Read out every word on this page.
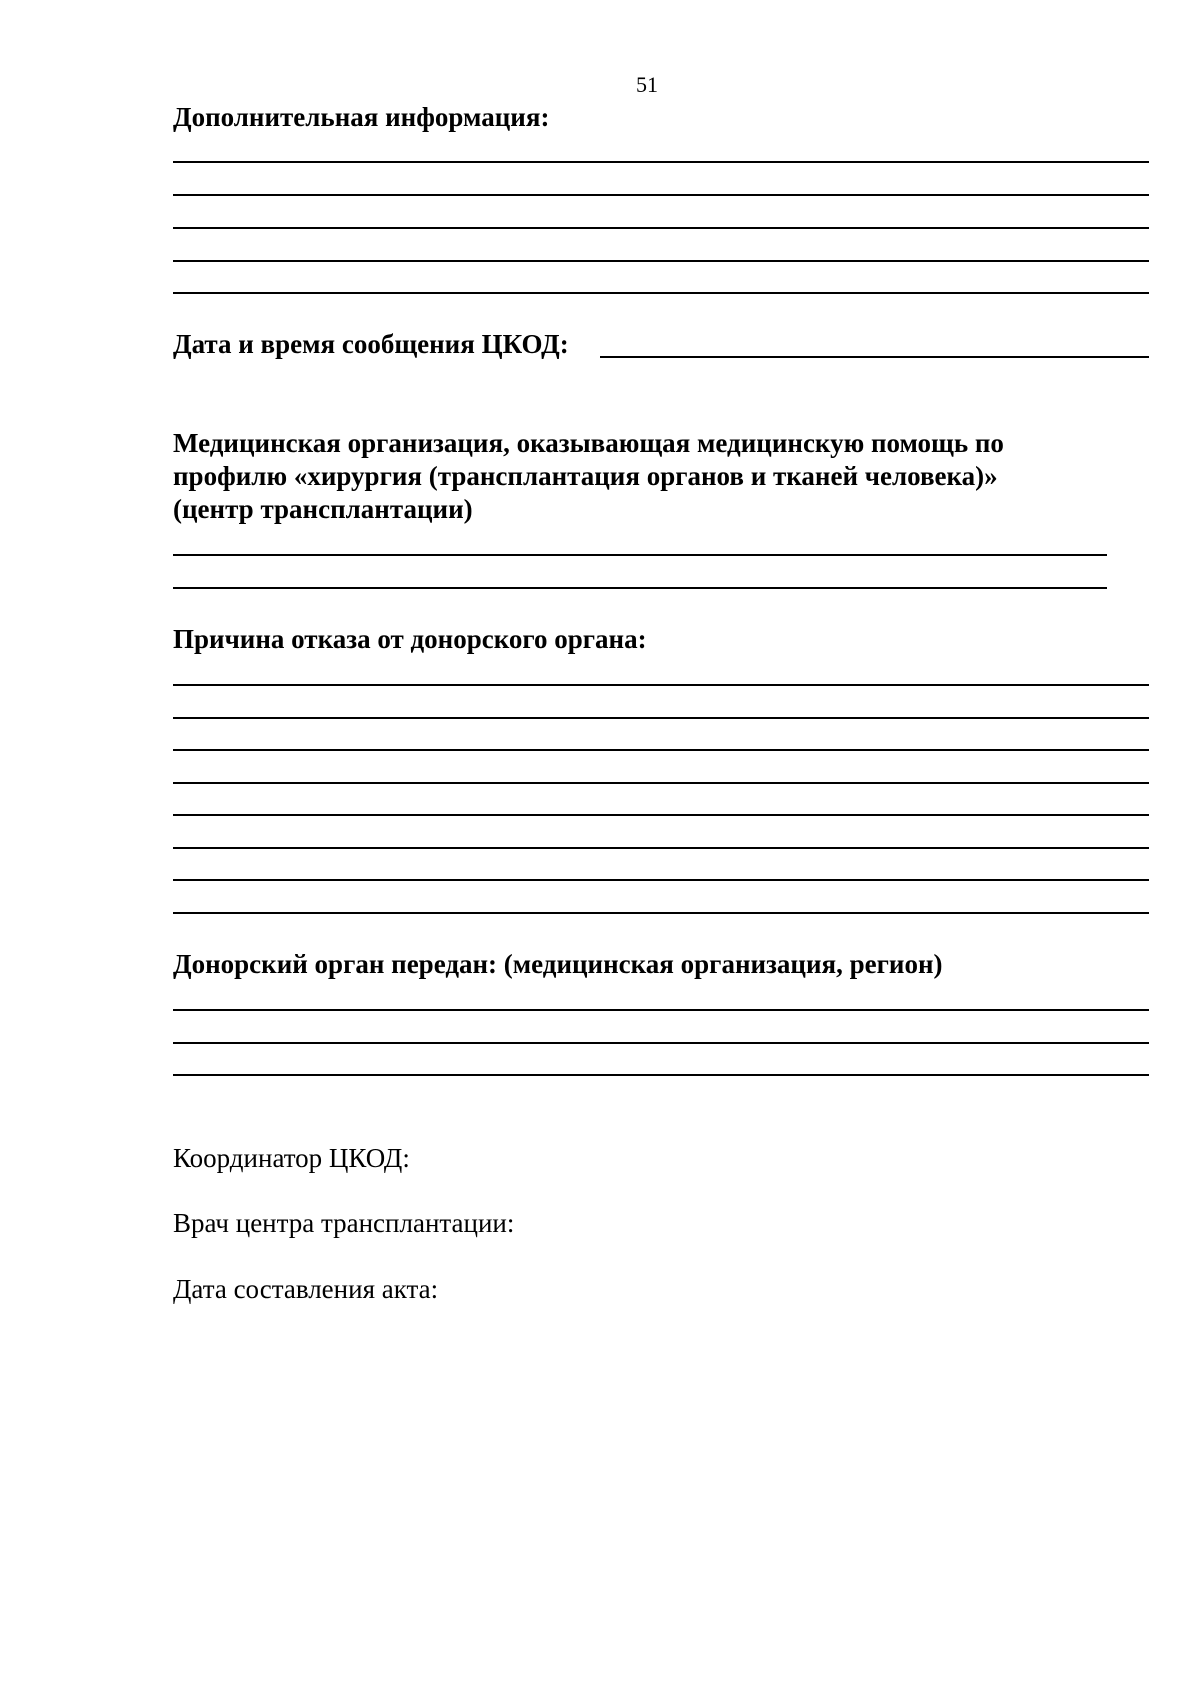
51
Дополнительная информация:
Дата и время сообщения ЦКОД:
Медицинская организация, оказывающая медицинскую помощь по
профилю «хирургия (трансплантация органов и тканей человека)»
(центр трансплантации)
Причина отказа от донорского органа:
Донорский орган передан: (медицинская организация, регион)
Координатор ЦКОД:
Врач центра трансплантации:
Дата составления акта:
